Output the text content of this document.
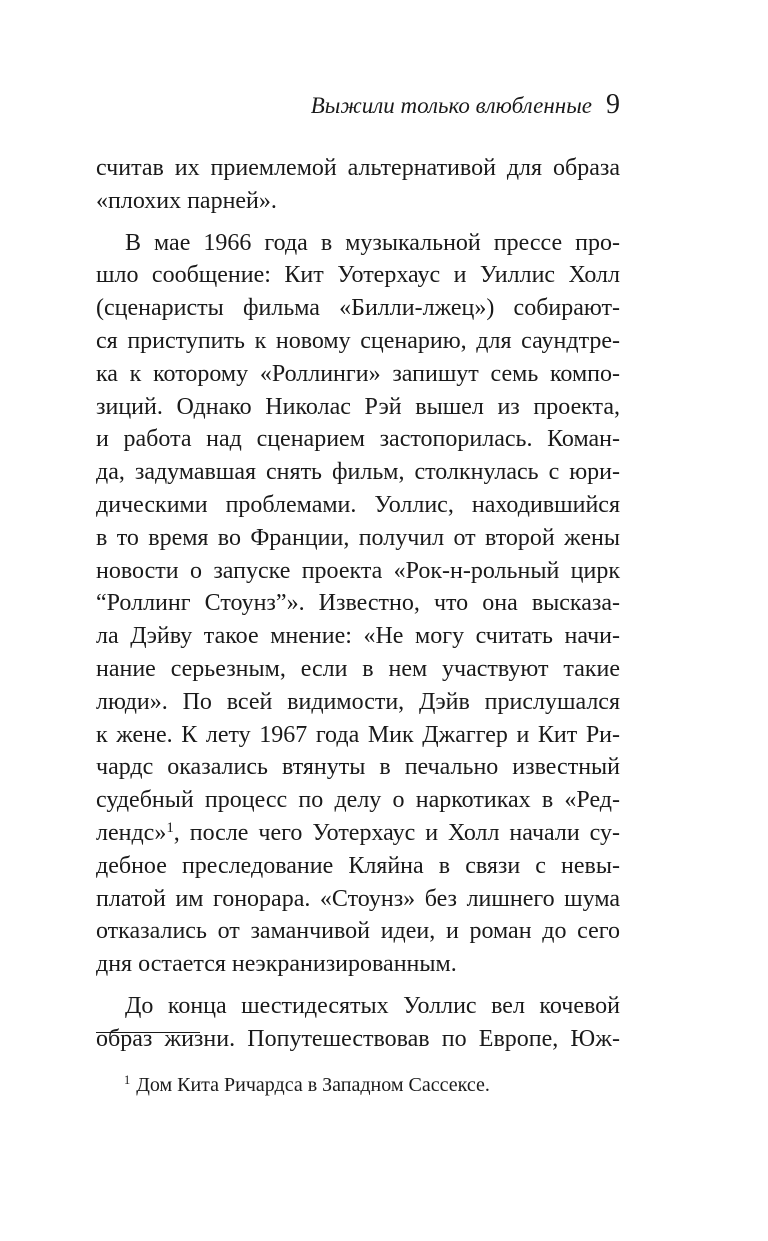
Выжили только влюбленные 9
считав их приемлемой альтернативой для образа
«плохих парней».
В мае 1966 года в музыкальной прессе про-
шло сообщение: Кит Уотерхаус и Уиллис Холл
(сценаристы фильма «Билли-лжец») собирают-
ся приступить к новому сценарию, для саундтре-
ка к которому «Роллинги» запишут семь компо-
зиций. Однако Николас Рэй вышел из проекта,
и работа над сценарием застопорилась. Коман-
да, задумавшая снять фильм, столкнулась с юри-
дическими проблемами. Уоллис, находившийся
в то время во Франции, получил от второй жены
новости о запуске проекта «Рок-н-рольный цирк
“Роллинг Стоунз”». Известно, что она высказа-
ла Дэйву такое мнение: «Не могу считать начи-
нание серьезным, если в нем участвуют такие
люди». По всей видимости, Дэйв прислушался
к жене. К лету 1967 года Мик Джаггер и Кит Ри-
чардс оказались втянуты в печально известный
судебный процесс по делу о наркотиках в «Ред-
лендс»$^1$, после чего Уотерхаус и Холл начали су-
дебное преследование Кляйна в связи с невы-
платой им гонорара. «Стоунз» без лишнего шума
отказались от заманчивой идеи, и роман до сего
дня остается неэкранизированным.
До конца шестидесятых Уоллис вел кочевой
образ жизни. Попутешествовав по Европе, Юж-
$^1$ Дом Кита Ричардса в Западном Сассексе.
